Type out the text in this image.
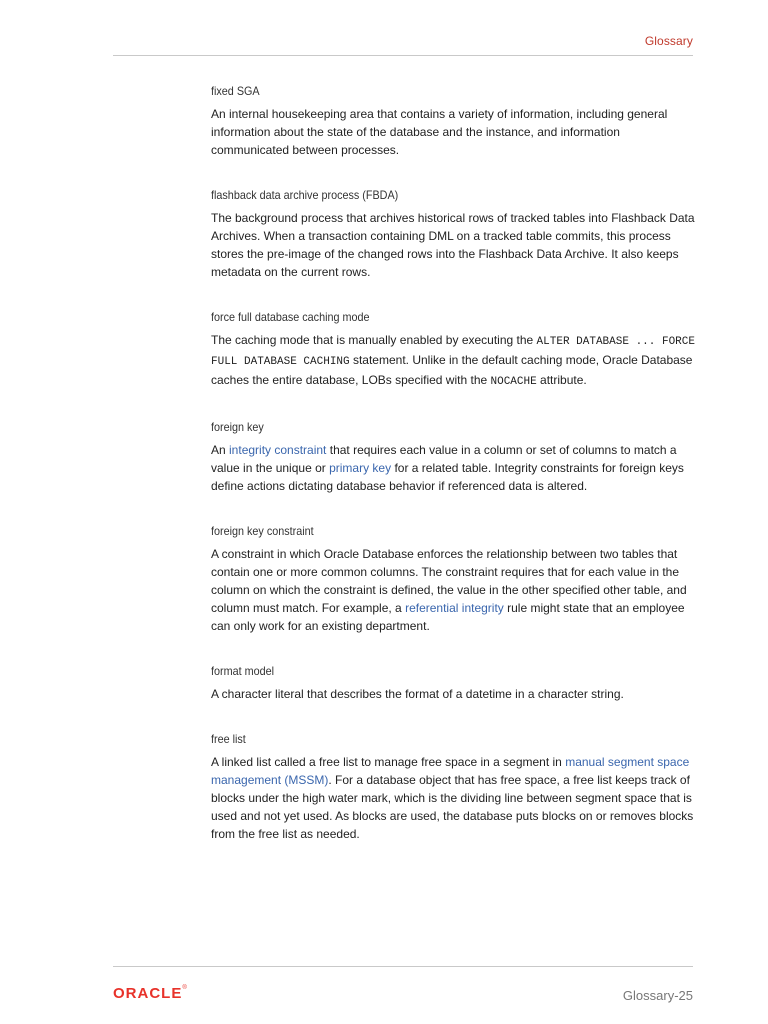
Glossary
fixed SGA

An internal housekeeping area that contains a variety of information, including general information about the state of the database and the instance, and information communicated between processes.

flashback data archive process (FBDA)

The background process that archives historical rows of tracked tables into Flashback Data Archives. When a transaction containing DML on a tracked table commits, this process stores the pre-image of the changed rows into the Flashback Data Archive. It also keeps metadata on the current rows.

force full database caching mode

The caching mode that is manually enabled by executing the ALTER DATABASE ... FORCE FULL DATABASE CACHING statement. Unlike in the default caching mode, Oracle Database caches the entire database, LOBs specified with the NOCACHE attribute.

foreign key

An integrity constraint that requires each value in a column or set of columns to match a value in the unique or primary key for a related table. Integrity constraints for foreign keys define actions dictating database behavior if referenced data is altered.

foreign key constraint

A constraint in which Oracle Database enforces the relationship between two tables that contain one or more common columns. The constraint requires that for each value in the column on which the constraint is defined, the value in the other specified other table, and column must match. For example, a referential integrity rule might state that an employee can only work for an existing department.

format model

A character literal that describes the format of a datetime in a character string.

free list

A linked list called a free list to manage free space in a segment in manual segment space management (MSSM). For a database object that has free space, a free list keeps track of blocks under the high water mark, which is the dividing line between segment space that is used and not yet used. As blocks are used, the database puts blocks on or removes blocks from the free list as needed.

ORACLE®	Glossary-25
